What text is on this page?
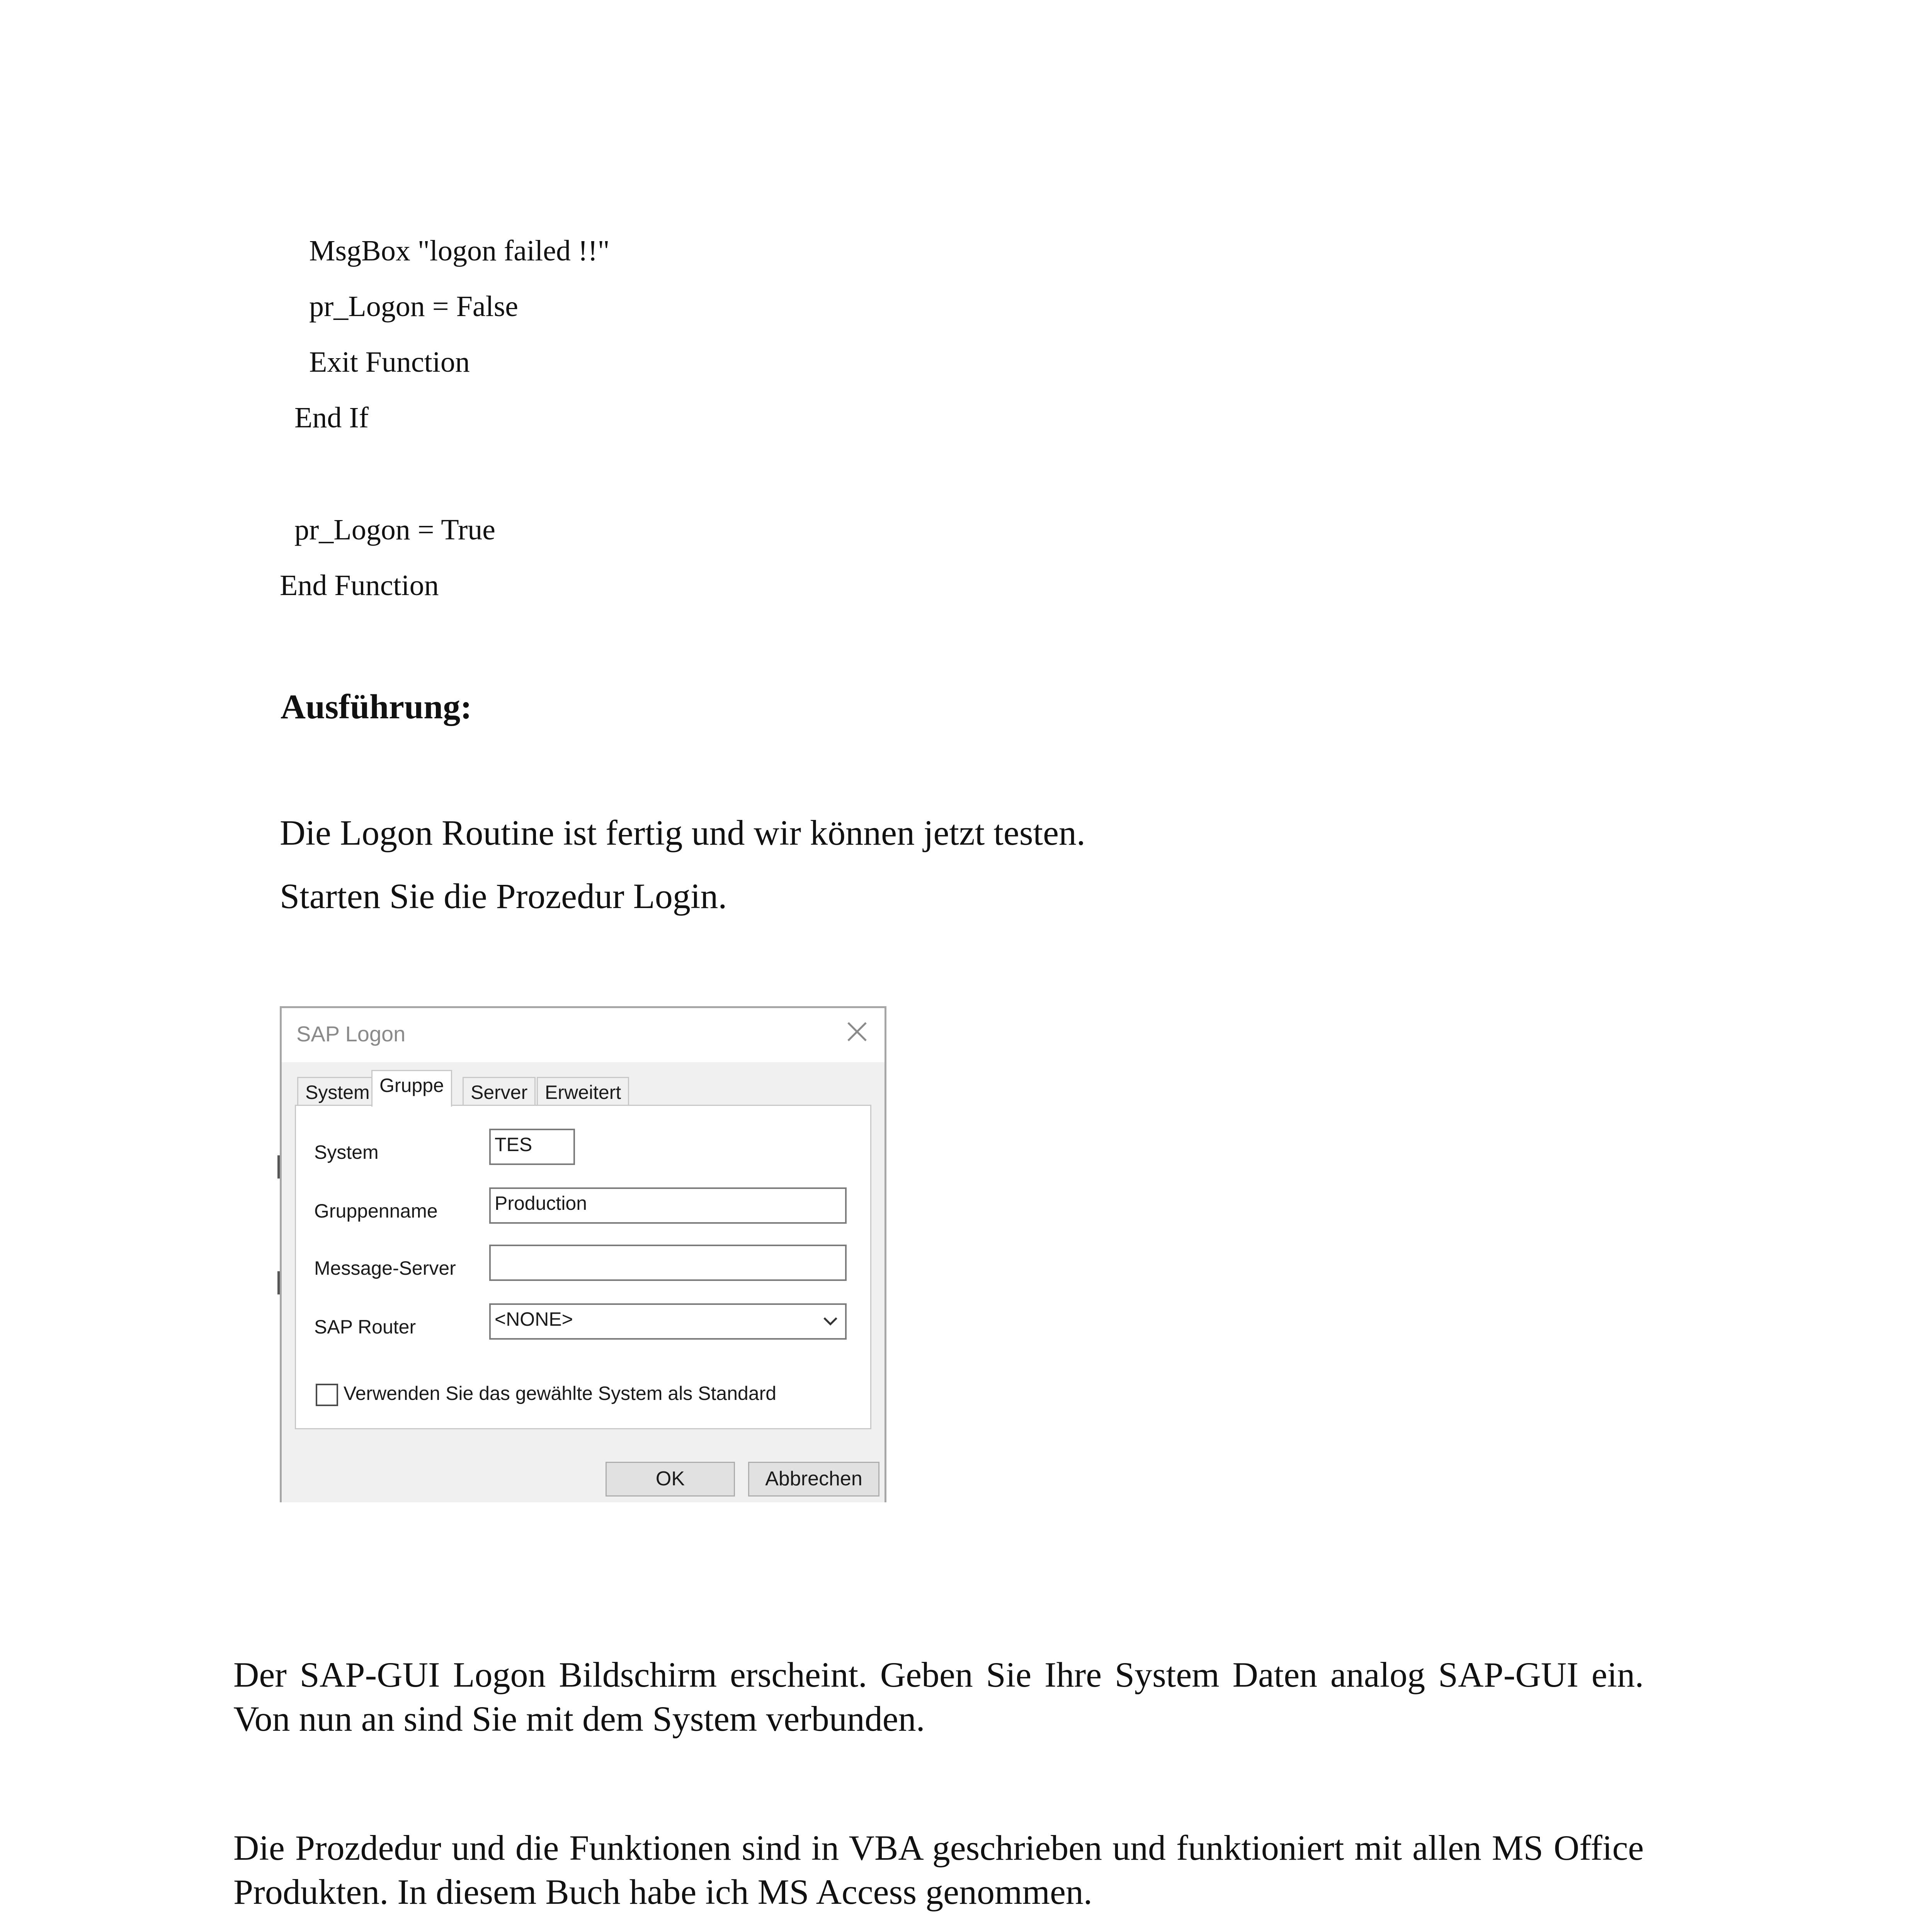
MsgBox "logon failed !!"
pr_Logon = False
Exit Function
End If
pr_Logon = True
End Function
Ausführung:
Die Logon Routine ist fertig und wir können jetzt testen.
Starten Sie die Prozedur Login.
SAP Logon
System Gruppe	Server Erweitert
System	TES
Gruppenname	Production
Message-Server
SAP Router	<NONE>
Verwenden Sie das gewählte System als Standard
OK	Abbrechen
Der SAP-GUI Logon Bildschirm erscheint. Geben Sie Ihre System Daten analog SAP-GUI ein. Von nun an sind Sie mit dem System verbunden.
Die Prozdedur und die Funktionen sind in VBA geschrieben und funktioniert mit allen MS Office Produkten. In diesem Buch habe ich MS Access genommen.
